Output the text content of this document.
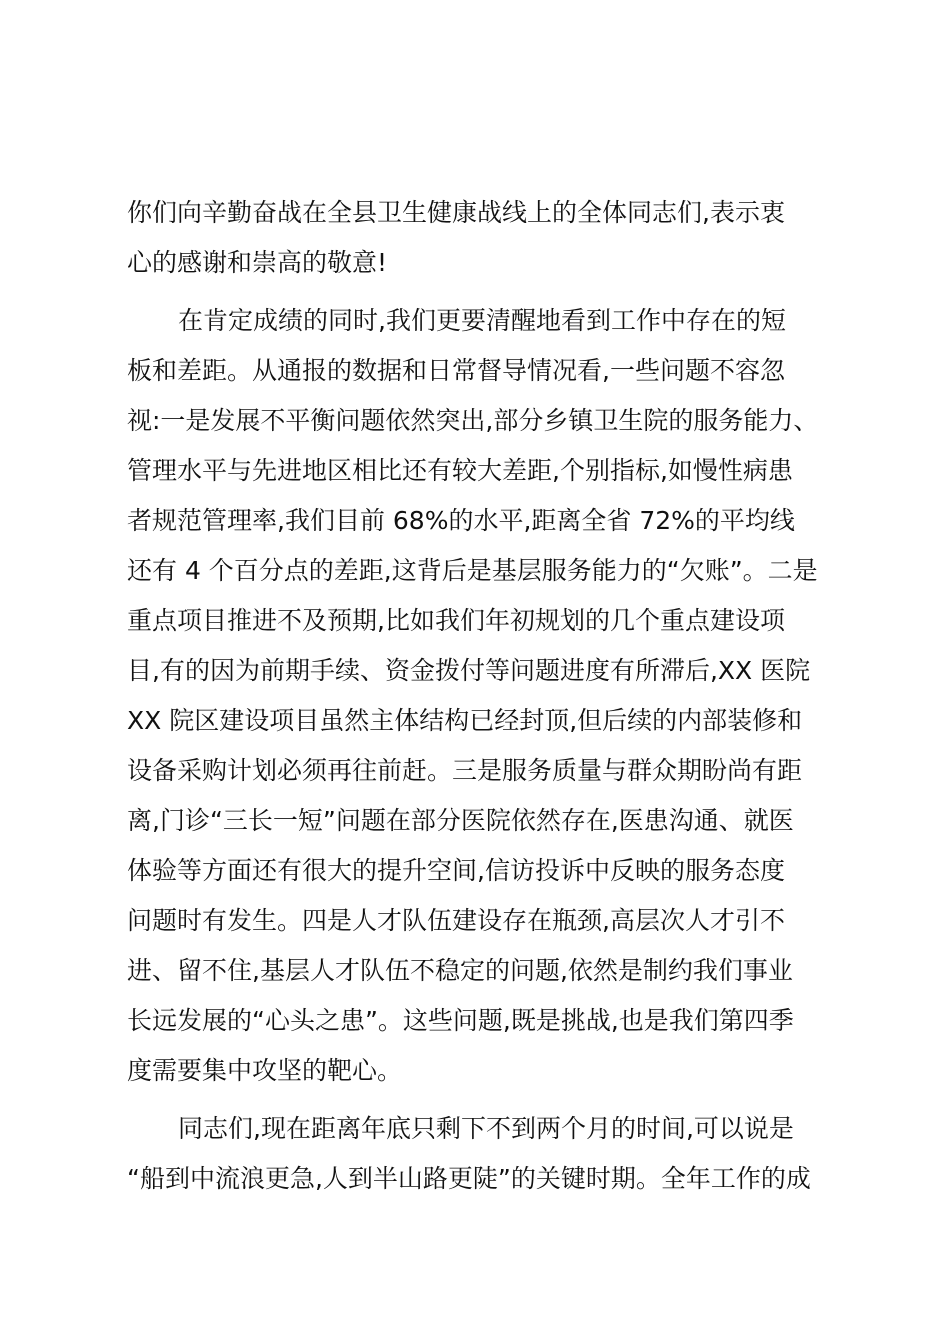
你们向辛勤奋战在全县卫生健康战线上的全体同志们,表示衷
心的感谢和崇高的敬意!
在肯定成绩的同时,我们更要清醒地看到工作中存在的短
板和差距。从通报的数据和日常督导情况看,一些问题不容忽
视:一是发展不平衡问题依然突出,部分乡镇卫生院的服务能力、
管理水平与先进地区相比还有较大差距,个别指标,如慢性病患
者规范管理率,我们目前 68%的水平,距离全省 72%的平均线
还有 4 个百分点的差距,这背后是基层服务能力的“欠账”。二是
重点项目推进不及预期,比如我们年初规划的几个重点建设项
目,有的因为前期手续、资金拨付等问题进度有所滞后,XX 医院
XX 院区建设项目虽然主体结构已经封顶,但后续的内部装修和
设备采购计划必须再往前赶。三是服务质量与群众期盼尚有距
离,门诊“三长一短”问题在部分医院依然存在,医患沟通、就医
体验等方面还有很大的提升空间,信访投诉中反映的服务态度
问题时有发生。四是人才队伍建设存在瓶颈,高层次人才引不
进、留不住,基层人才队伍不稳定的问题,依然是制约我们事业
长远发展的“心头之患”。这些问题,既是挑战,也是我们第四季
度需要集中攻坚的靶心。
同志们,现在距离年底只剩下不到两个月的时间,可以说是
“船到中流浪更急,人到半山路更陡”的关键时期。全年工作的成
